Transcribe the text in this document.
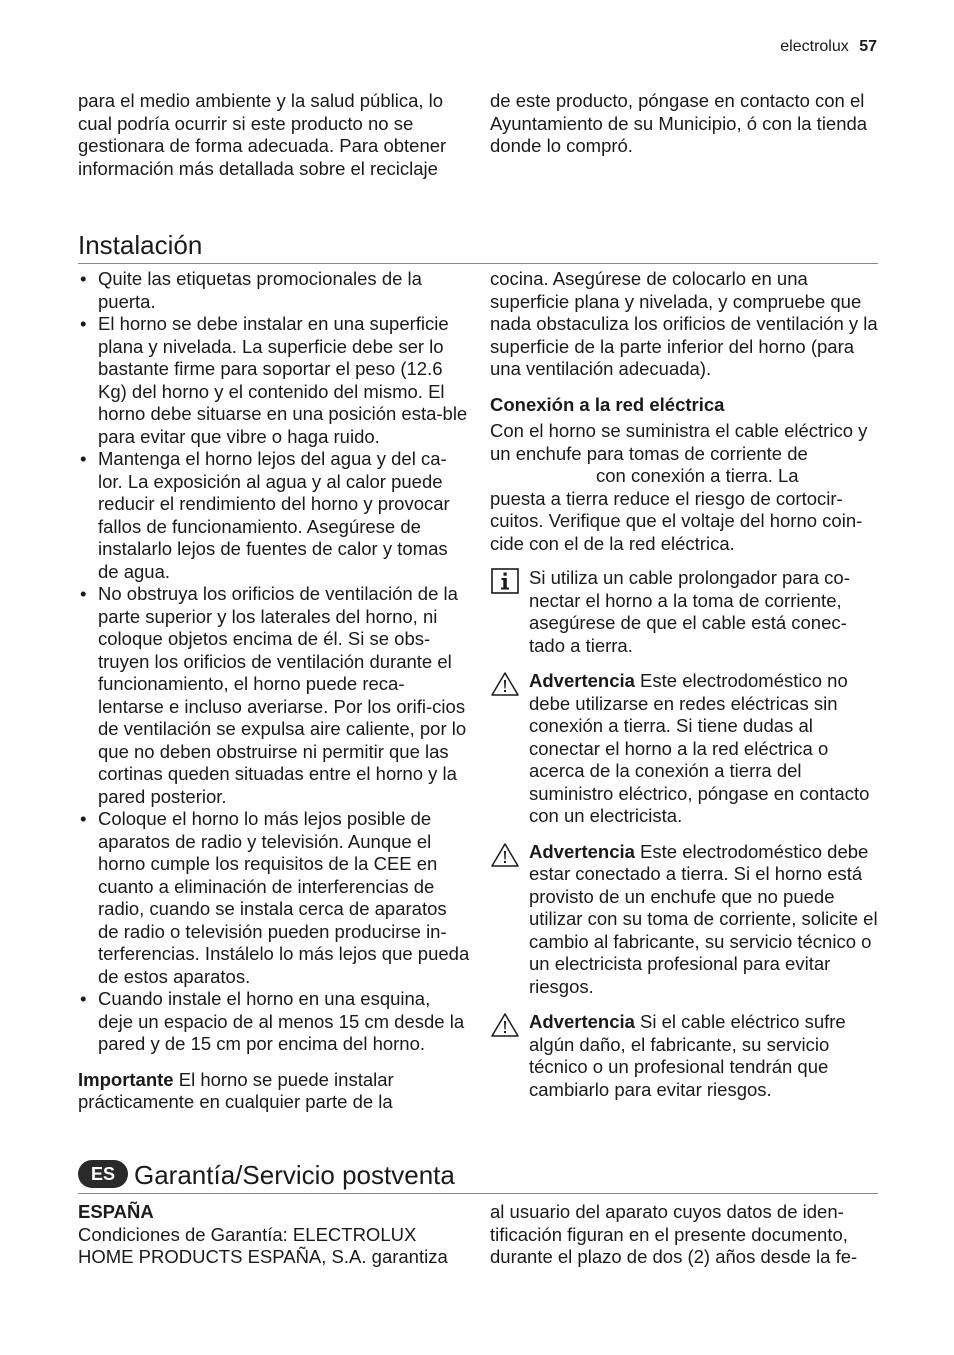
electrolux 57

para el medio ambiente y la salud pública, lo cual podría ocurrir si este producto no se gestionara de forma adecuada. Para obtener información más detallada sobre el reciclaje

de este producto, póngase en contacto con el Ayuntamiento de su Municipio, ó con la tienda donde lo compró.

Instalación
• Quite las etiquetas promocionales de la puerta.
• El horno se debe instalar en una superficie plana y nivelada. La superficie debe ser lo bastante firme para soportar el peso (12.6 Kg) del horno y el contenido del mismo. El horno debe situarse en una posición esta-ble para evitar que vibre o haga ruido.
• Mantenga el horno lejos del agua y del ca-lor. La exposición al agua y al calor puede reducir el rendimiento del horno y provocar fallos de funcionamiento. Asegúrese de instalarlo lejos de fuentes de calor y tomas de agua.
• No obstruya los orificios de ventilación de la parte superior y los laterales del horno, ni coloque objetos encima de él. Si se obs-truyen los orificios de ventilación durante el funcionamiento, el horno puede reca-lentarse e incluso averiarse. Por los orifi-cios de ventilación se expulsa aire caliente, por lo que no deben obstruirse ni permitir que las cortinas queden situadas entre el horno y la pared posterior.
• Coloque el horno lo más lejos posible de aparatos de radio y televisión. Aunque el horno cumple los requisitos de la CEE en cuanto a eliminación de interferencias de radio, cuando se instala cerca de aparatos de radio o televisión pueden producirse in-terferencias. Instálelo lo más lejos que pueda de estos aparatos.
• Cuando instale el horno en una esquina, deje un espacio de al menos 15 cm desde la pared y de 15 cm por encima del horno.

Importante El horno se puede instalar prácticamente en cualquier parte de la

cocina. Asegúrese de colocarlo en una superficie plana y nivelada, y compruebe que nada obstaculiza los orificios de ventilación y la superficie de la parte inferior del horno (para una ventilación adecuada).

Conexión a la red eléctrica

Con el horno se suministra el cable eléctrico y un enchufe para tomas de corriente de

con conexión a tierra. La

puesta a tierra reduce el riesgo de cortocir-cuitos. Verifique que el voltaje del horno coin-cide con el de la red eléctrica.

Si utiliza un cable prolongador para co-nectar el horno a la toma de corriente, asegúrese de que el cable está conec-tado a tierra.

Advertencia Este electrodoméstico no debe utilizarse en redes eléctricas sin conexión a tierra. Si tiene dudas al conectar el horno a la red eléctrica o acerca de la conexión a tierra del suministro eléctrico, póngase en contacto con un electricista.

Advertencia Este electrodoméstico debe estar conectado a tierra. Si el horno está provisto de un enchufe que no puede utilizar con su toma de corriente, solicite el cambio al fabricante, su servicio técnico o un electricista profesional para evitar riesgos.

Advertencia Si el cable eléctrico sufre algún daño, el fabricante, su servicio técnico o un profesional tendrán que cambiarlo para evitar riesgos.

ES Garantía/Servicio postventa

ESPAÑA

Condiciones de Garantía: ELECTROLUX HOME PRODUCTS ESPAÑA, S.A. garantiza

al usuario del aparato cuyos datos de iden-tificación figuran en el presente documento, durante el plazo de dos (2) años desde la fe-
